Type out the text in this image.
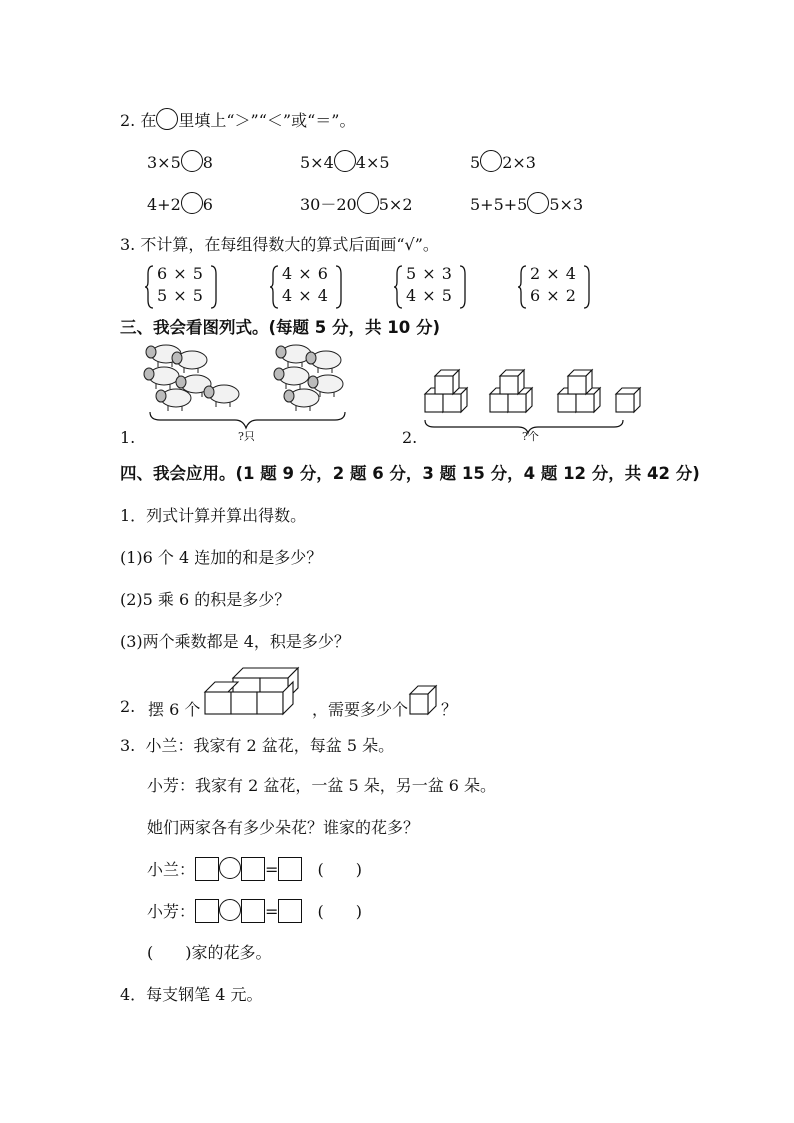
2. 在 里填上“＞”“＜”或“＝”。
3×5 8	5×4 4×5	5 2×3
4+2 6	30－20 5×2	5+5+5 5×3
3. 不计算，在每组得数大的算式后面画“√”。
6 × 5
5 × 5
4 × 6
4 × 4
5 × 3
4 × 5
2 × 4
6 × 2
三、我会看图列式。(每题 5 分，共 10 分)
1.	?只	2.	?个
四、我会应用。(1 题 9 分，2 题 6 分，3 题 15 分，4 题 12 分，共 42 分)
1．列式计算并算出得数。
(1)6 个 4 连加的和是多少？
(2)5 乘 6 的积是多少？
(3)两个乘数都是 4，积是多少？
2. 摆 6 个	，需要多少个 ？
3. 小兰：我家有 2 盆花，每盆 5 朵。
小芳：我家有 2 盆花，一盆 5 朵，另一盆 6 朵。
她们两家各有多少朵花？谁家的花多？
小兰：	= (　　)
小芳：	= (　　)
(　　)家的花多。
4．每支钢笔 4 元。
